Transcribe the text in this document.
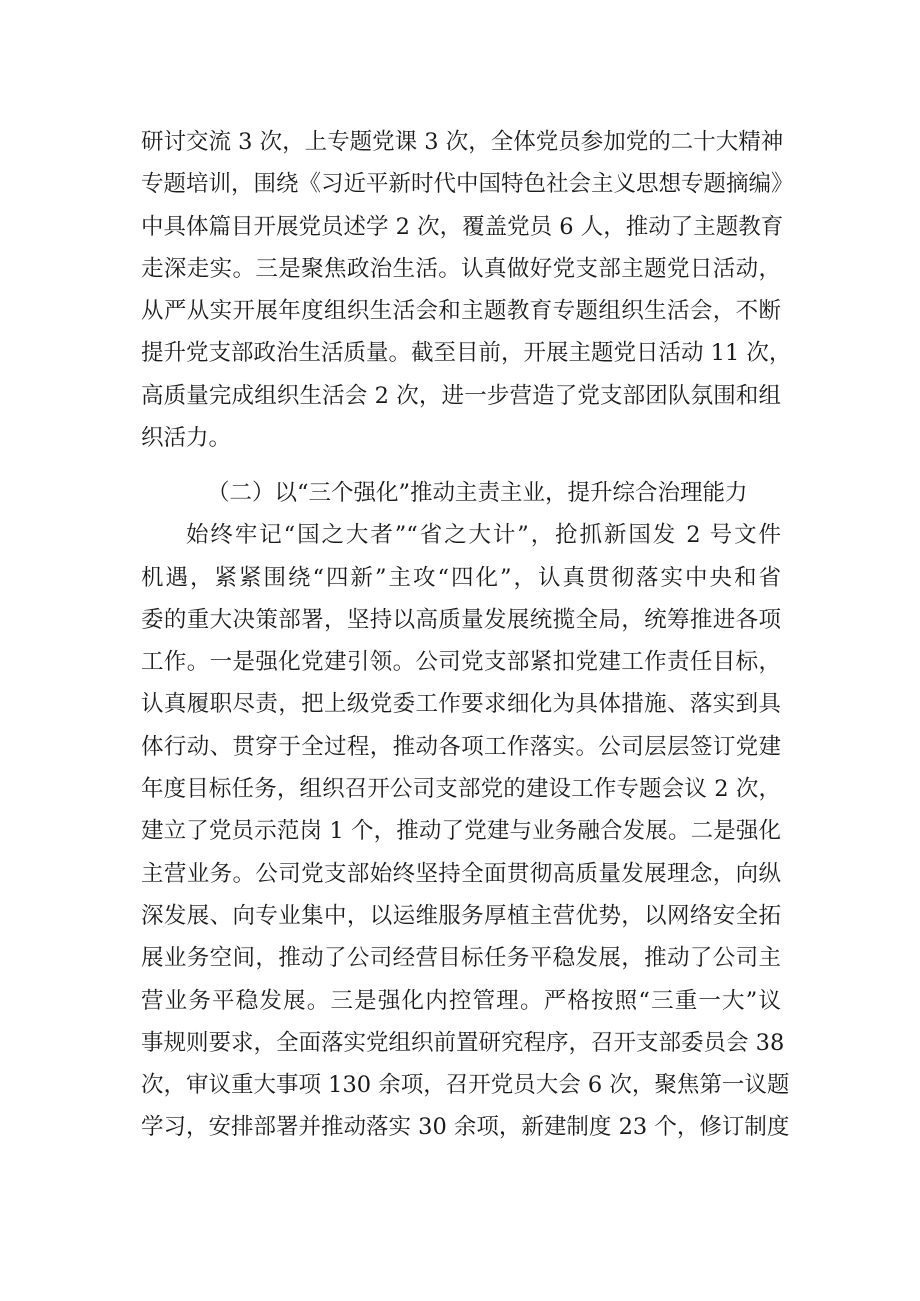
研讨交流 3 次，上专题党课 3 次，全体党员参加党的二十大精神
专题培训，围绕《习近平新时代中国特色社会主义思想专题摘编》
中具体篇目开展党员述学 2 次，覆盖党员 6 人，推动了主题教育
走深走实。三是聚焦政治生活。认真做好党支部主题党日活动，
从严从实开展年度组织生活会和主题教育专题组织生活会，不断
提升党支部政治生活质量。截至目前，开展主题党日活动 11 次，
高质量完成组织生活会 2 次，进一步营造了党支部团队氛围和组
织活力。
（二）以“三个强化”推动主责主业，提升综合治理能力
始终牢记“国之大者”“省之大计”，抢抓新国发 2 号文件
机遇，紧紧围绕“四新”主攻“四化”，认真贯彻落实中央和省
委的重大决策部署，坚持以高质量发展统揽全局，统筹推进各项
工作。一是强化党建引领。公司党支部紧扣党建工作责任目标，
认真履职尽责，把上级党委工作要求细化为具体措施、落实到具
体行动、贯穿于全过程，推动各项工作落实。公司层层签订党建
年度目标任务，组织召开公司支部党的建设工作专题会议 2 次，
建立了党员示范岗 1 个，推动了党建与业务融合发展。二是强化
主营业务。公司党支部始终坚持全面贯彻高质量发展理念，向纵
深发展、向专业集中，以运维服务厚植主营优势，以网络安全拓
展业务空间，推动了公司经营目标任务平稳发展，推动了公司主
营业务平稳发展。三是强化内控管理。严格按照“三重一大”议
事规则要求，全面落实党组织前置研究程序，召开支部委员会 38
次，审议重大事项 130 余项，召开党员大会 6 次，聚焦第一议题
学习，安排部署并推动落实 30 余项，新建制度 23 个，修订制度
